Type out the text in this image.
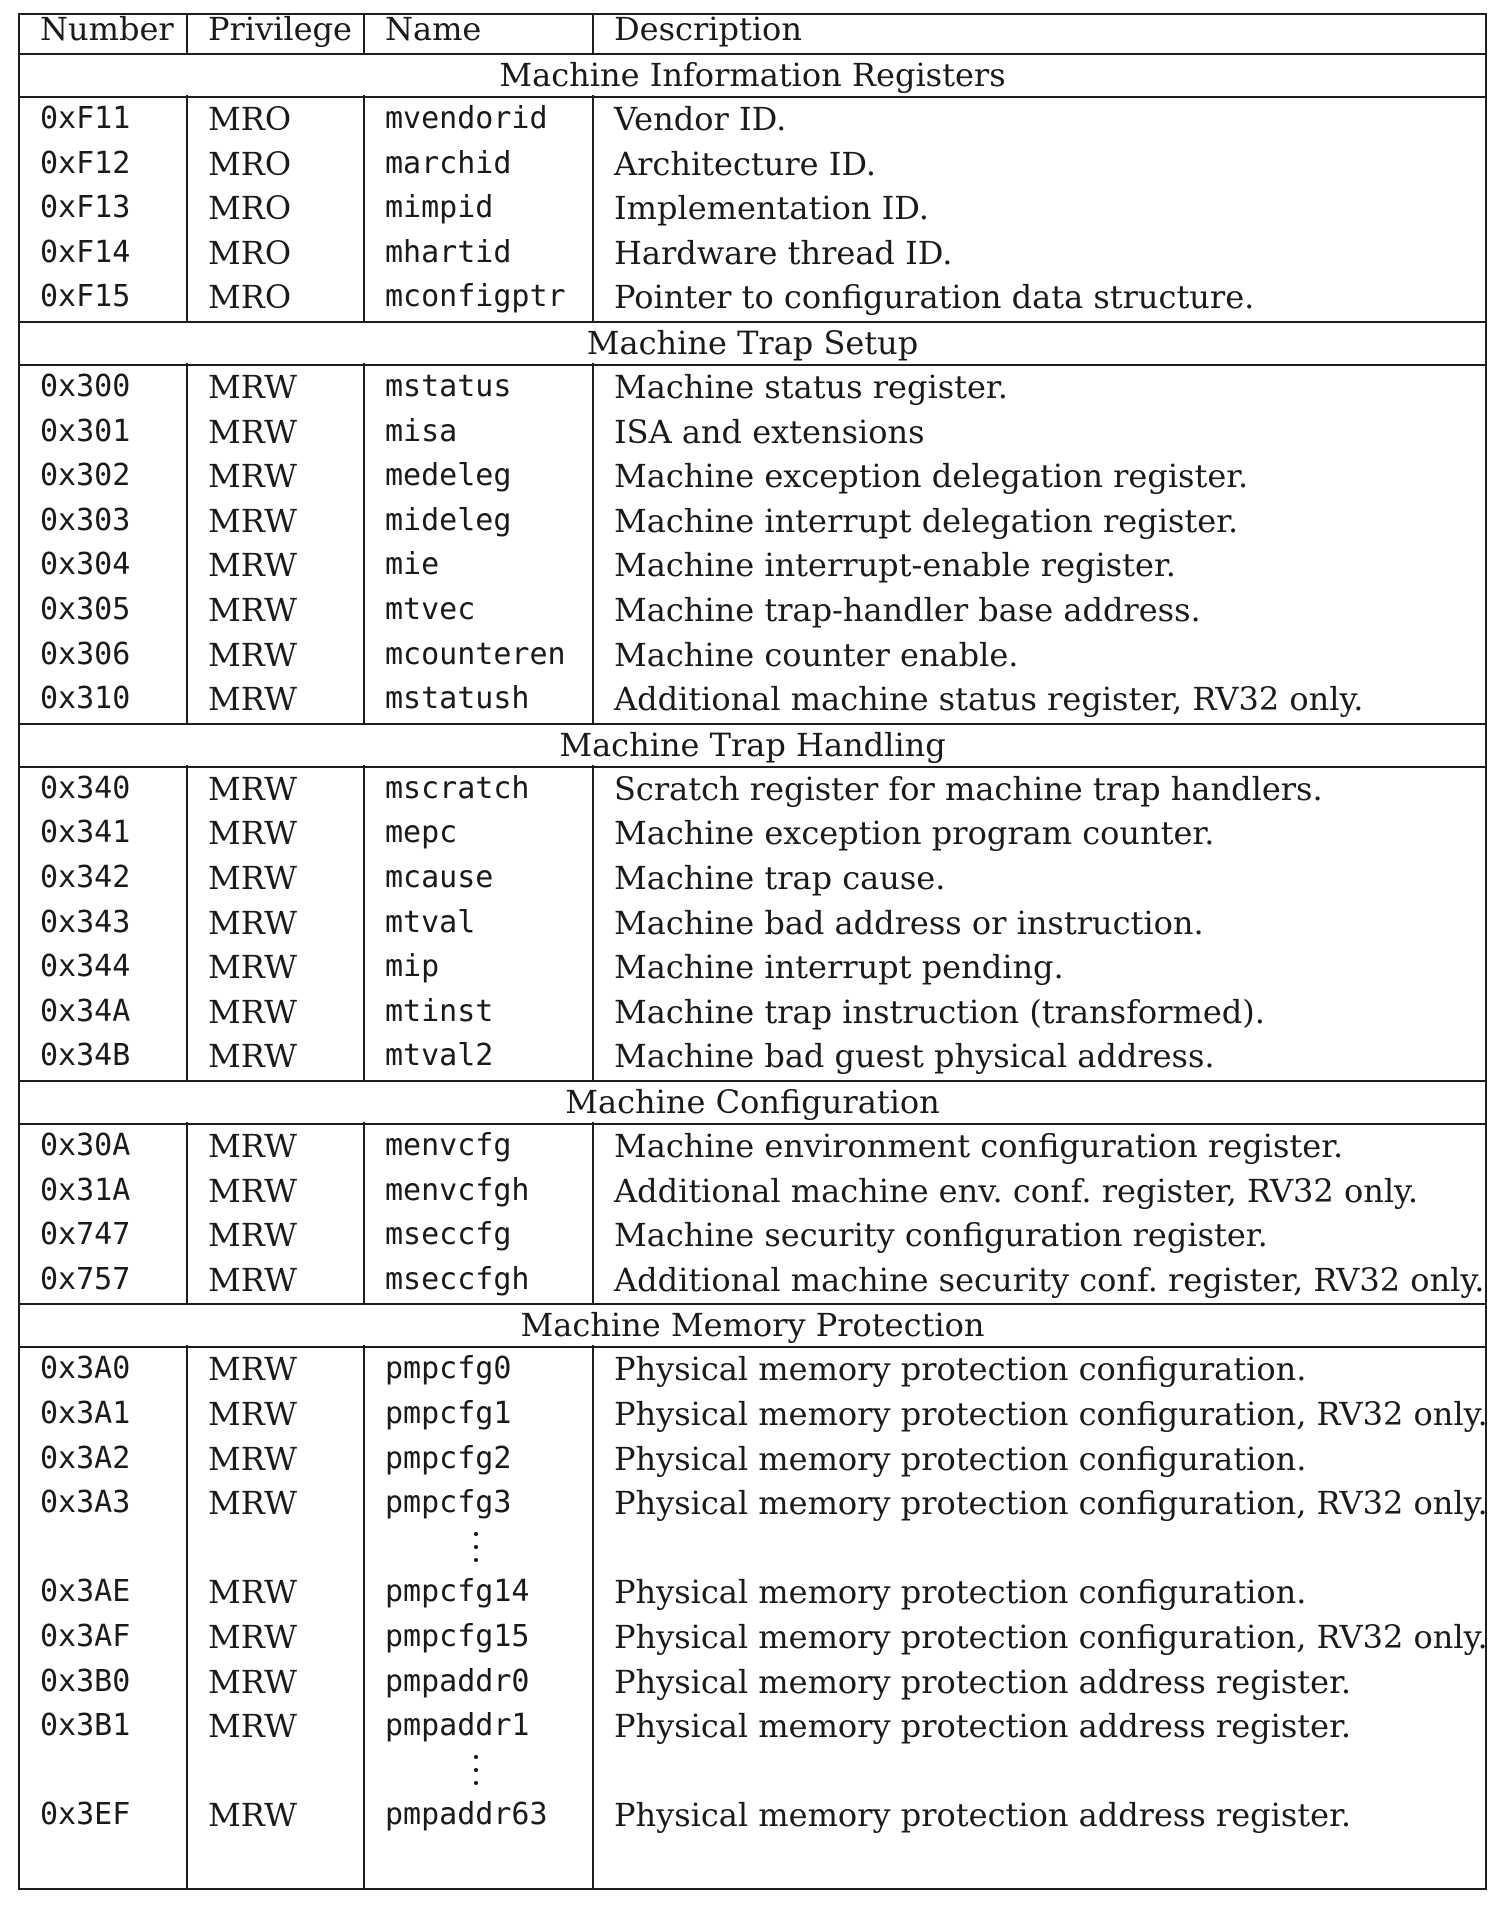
Number Privilege Name	Description
Machine Information Registers
0xF11 MRO	mvendorid Vendor ID.
0xF12 MRO	marchid	Architecture ID.
0xF13 MRO	mimpid	Implementation ID.
0xF14 MRO	mhartid	Hardware thread ID.
0xF15 MRO	mconfigptr Pointer to configuration data structure.
Machine Trap Setup
0x300 MRW	mstatus	Machine status register.
0x301 MRW	misa	ISA and extensions
0x302 MRW	medeleg	Machine exception delegation register.
0x303 MRW	mideleg	Machine interrupt delegation register.
0x304 MRW	mie	Machine interrupt-enable register.
0x305 MRW	mtvec	Machine trap-handler base address.
0x306 MRW	mcounteren Machine counter enable.
0x310 MRW	mstatush	Additional machine status register, RV32 only.
Machine Trap Handling
0x340 MRW	mscratch	Scratch register for machine trap handlers.
0x341 MRW	mepc	Machine exception program counter.
0x342 MRW	mcause	Machine trap cause.
0x343 MRW	mtval	Machine bad address or instruction.
0x344 MRW	mip	Machine interrupt pending.
0x34A MRW	mtinst	Machine trap instruction (transformed).
0x34B MRW	mtval2	Machine bad guest physical address.
Machine Configuration
0x30A MRW	menvcfg	Machine environment configuration register.
0x31A MRW	menvcfgh	Additional machine env. conf. register, RV32 only.
0x747 MRW	mseccfg	Machine security configuration register.
0x757 MRW	mseccfgh	Additional machine security conf. register, RV32 only.
Machine Memory Protection
0x3A0 MRW	pmpcfg0	Physical memory protection configuration.
0x3A1 MRW	pmpcfg1	Physical memory protection configuration, RV32 only.
0x3A2 MRW	pmpcfg2	Physical memory protection configuration.
0x3A3 MRW	pmpcfg3	Physical memory protection configuration, RV32 only.
0x3AE MRW	pmpcfg14	Physical memory protection configuration.
0x3AF MRW	pmpcfg15	Physical memory protection configuration, RV32 only.
0x3B0 MRW	pmpaddr0	Physical memory protection address register.
0x3B1 MRW	pmpaddr1	Physical memory protection address register.
0x3EF MRW	pmpaddr63 Physical memory protection address register.
